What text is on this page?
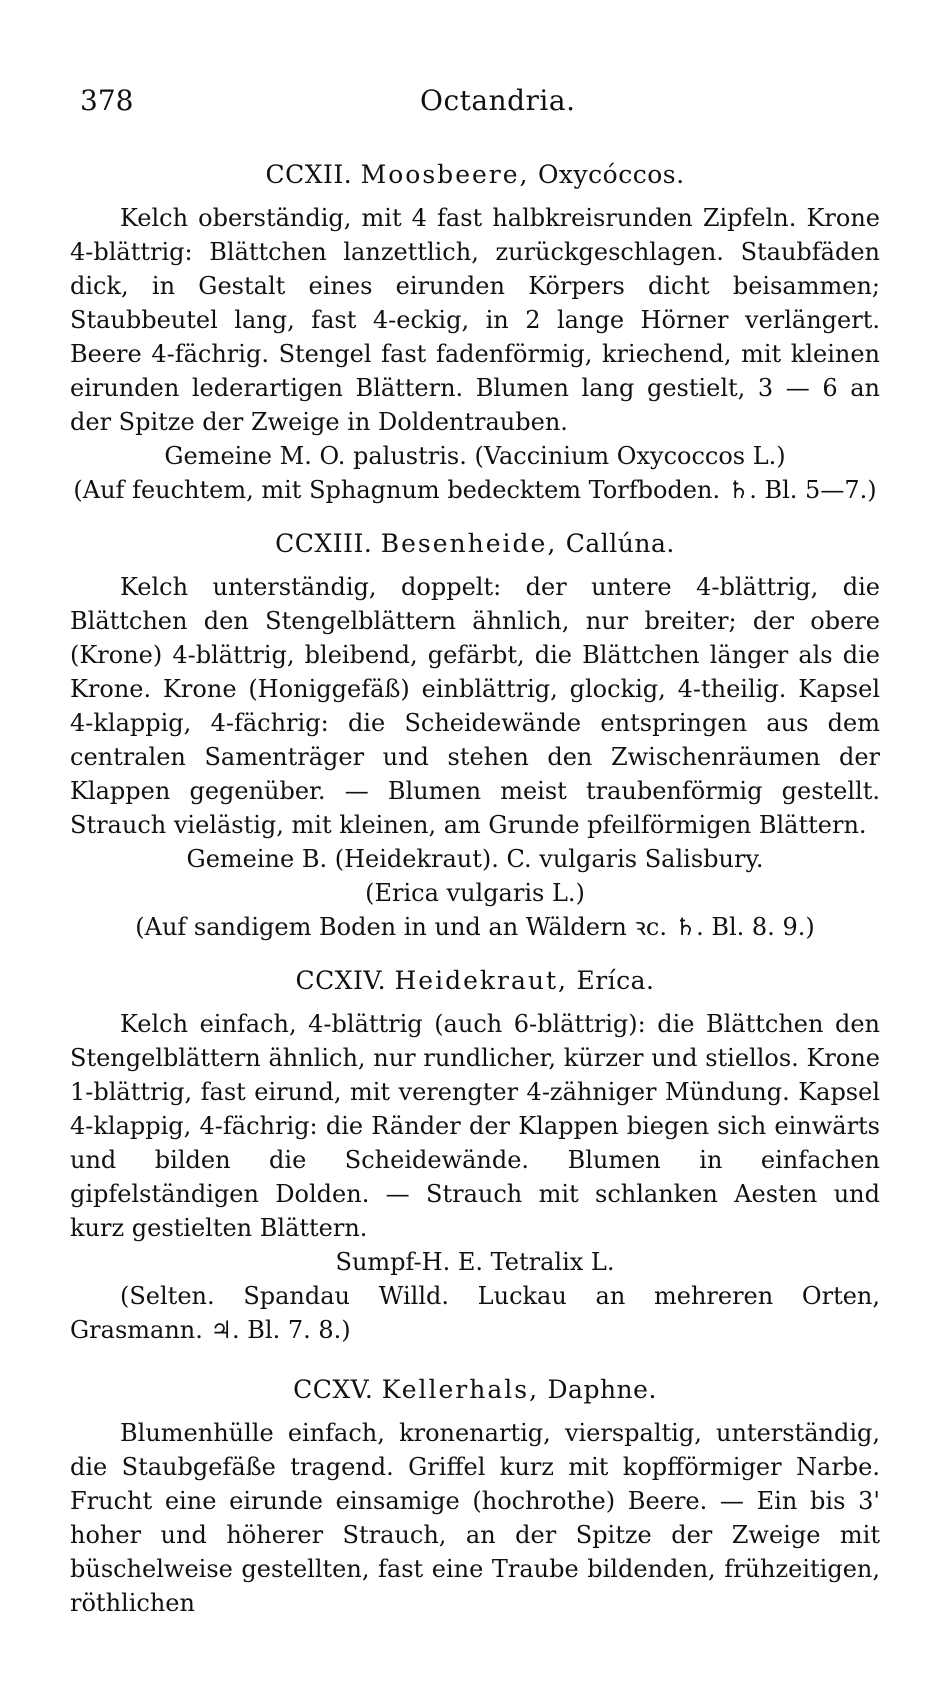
378	Octandria.
CCXII. Moosbeere, Oxycóccos.

Kelch oberständig, mit 4 fast halbkreisrunden Zipfeln. Krone 4-blättrig: Blättchen lanzettlich, zurückgeschlagen. Staubfäden dick, in Gestalt eines eirunden Körpers dicht beisammen; Staubbeutel lang, fast 4-eckig, in 2 lange Hörner verlängert. Beere 4-fächrig. Stengel fast fadenförmig, kriechend, mit kleinen eirunden lederartigen Blättern. Blumen lang gestielt, 3 — 6 an der Spitze der Zweige in Doldentrauben.

Gemeine M. O. palustris. (Vaccinium Oxycoccos L.)

(Auf feuchtem, mit Sphagnum bedecktem Torfboden. ♄. Bl. 5—7.)

CCXIII. Besenheide, Callúna.

Kelch unterständig, doppelt: der untere 4-blättrig, die Blättchen den Stengelblättern ähnlich, nur breiter; der obere (Krone) 4-blättrig, bleibend, gefärbt, die Blättchen länger als die Krone. Krone (Honiggefäß) einblättrig, glockig, 4-theilig. Kapsel 4-klappig, 4-fächrig: die Scheidewände entspringen aus dem centralen Samenträger und stehen den Zwischenräumen der Klappen gegenüber. — Blumen meist traubenförmig gestellt. Strauch vielästig, mit kleinen, am Grunde pfeilförmigen Blättern.

Gemeine B. (Heidekraut). C. vulgaris Salisbury.

(Erica vulgaris L.)

(Auf sandigem Boden in und an Wäldern ꝛc. ♄. Bl. 8. 9.)

CCXIV. Heidekraut, Eríca.

Kelch einfach, 4-blättrig (auch 6-blättrig): die Blättchen den Stengelblättern ähnlich, nur rundlicher, kürzer und stiellos. Krone 1-blättrig, fast eirund, mit verengter 4-zähniger Mündung. Kapsel 4-klappig, 4-fächrig: die Ränder der Klappen biegen sich einwärts und bilden die Scheidewände. Blumen in einfachen gipfelständigen Dolden. — Strauch mit schlanken Aesten und kurz gestielten Blättern.

Sumpf-H. E. Tetralix L.

(Selten. Spandau Willd. Luckau an mehreren Orten, Grasmann. ♃. Bl. 7. 8.)

CCXV. Kellerhals, Daphne.

Blumenhülle einfach, kronenartig, vierspaltig, unterständig, die Staubgefäße tragend. Griffel kurz mit kopfförmiger Narbe. Frucht eine eirunde einsamige (hochrothe) Beere. — Ein bis 3' hoher und höherer Strauch, an der Spitze der Zweige mit büschelweise gestellten, fast eine Traube bildenden, frühzeitigen, röthlichen
